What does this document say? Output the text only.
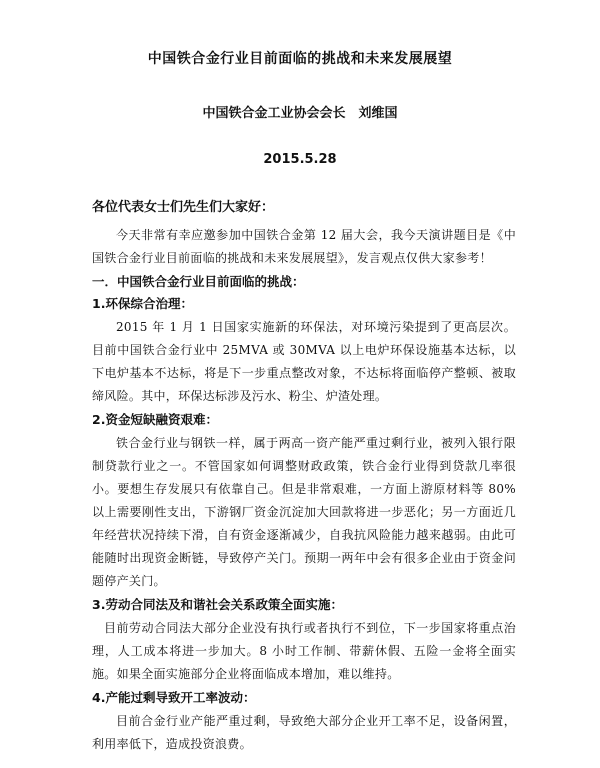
中国铁合金行业目前面临的挑战和未来发展展望
中国铁合金工业协会会长　刘维国
2015.5.28
各位代表女士们先生们大家好：

今天非常有幸应邀参加中国铁合金第 12 届大会，我今天演讲题目是《中国铁合金行业目前面临的挑战和未来发展展望》，发言观点仅供大家参考！

一．中国铁合金行业目前面临的挑战：
1.环保综合治理：

2015 年 1 月 1 日国家实施新的环保法，对环境污染提到了更高层次。目前中国铁合金行业中 25MVA 或 30MVA 以上电炉环保设施基本达标，以下电炉基本不达标，将是下一步重点整改对象，不达标将面临停产整顿、被取缔风险。其中，环保达标涉及污水、粉尘、炉渣处理。

2.资金短缺融资艰难：

铁合金行业与钢铁一样，属于两高一资产能严重过剩行业，被列入银行限制贷款行业之一。不管国家如何调整财政政策，铁合金行业得到贷款几率很小。要想生存发展只有依靠自己。但是非常艰难，一方面上游原材料等 80%以上需要刚性支出，下游钢厂资金沉淀加大回款将进一步恶化；另一方面近几年经营状况持续下滑，自有资金逐渐减少，自我抗风险能力越来越弱。由此可能随时出现资金断链，导致停产关门。预期一两年中会有很多企业由于资金问题停产关门。

3.劳动合同法及和谐社会关系政策全面实施：

目前劳动合同法大部分企业没有执行或者执行不到位，下一步国家将重点治理，人工成本将进一步加大。8 小时工作制、带薪休假、五险一金将全面实施。如果全面实施部分企业将面临成本增加，难以维持。

4.产能过剩导致开工率波动：

目前合金行业产能严重过剩，导致绝大部分企业开工率不足，设备闲置，利用率低下，造成投资浪费。
